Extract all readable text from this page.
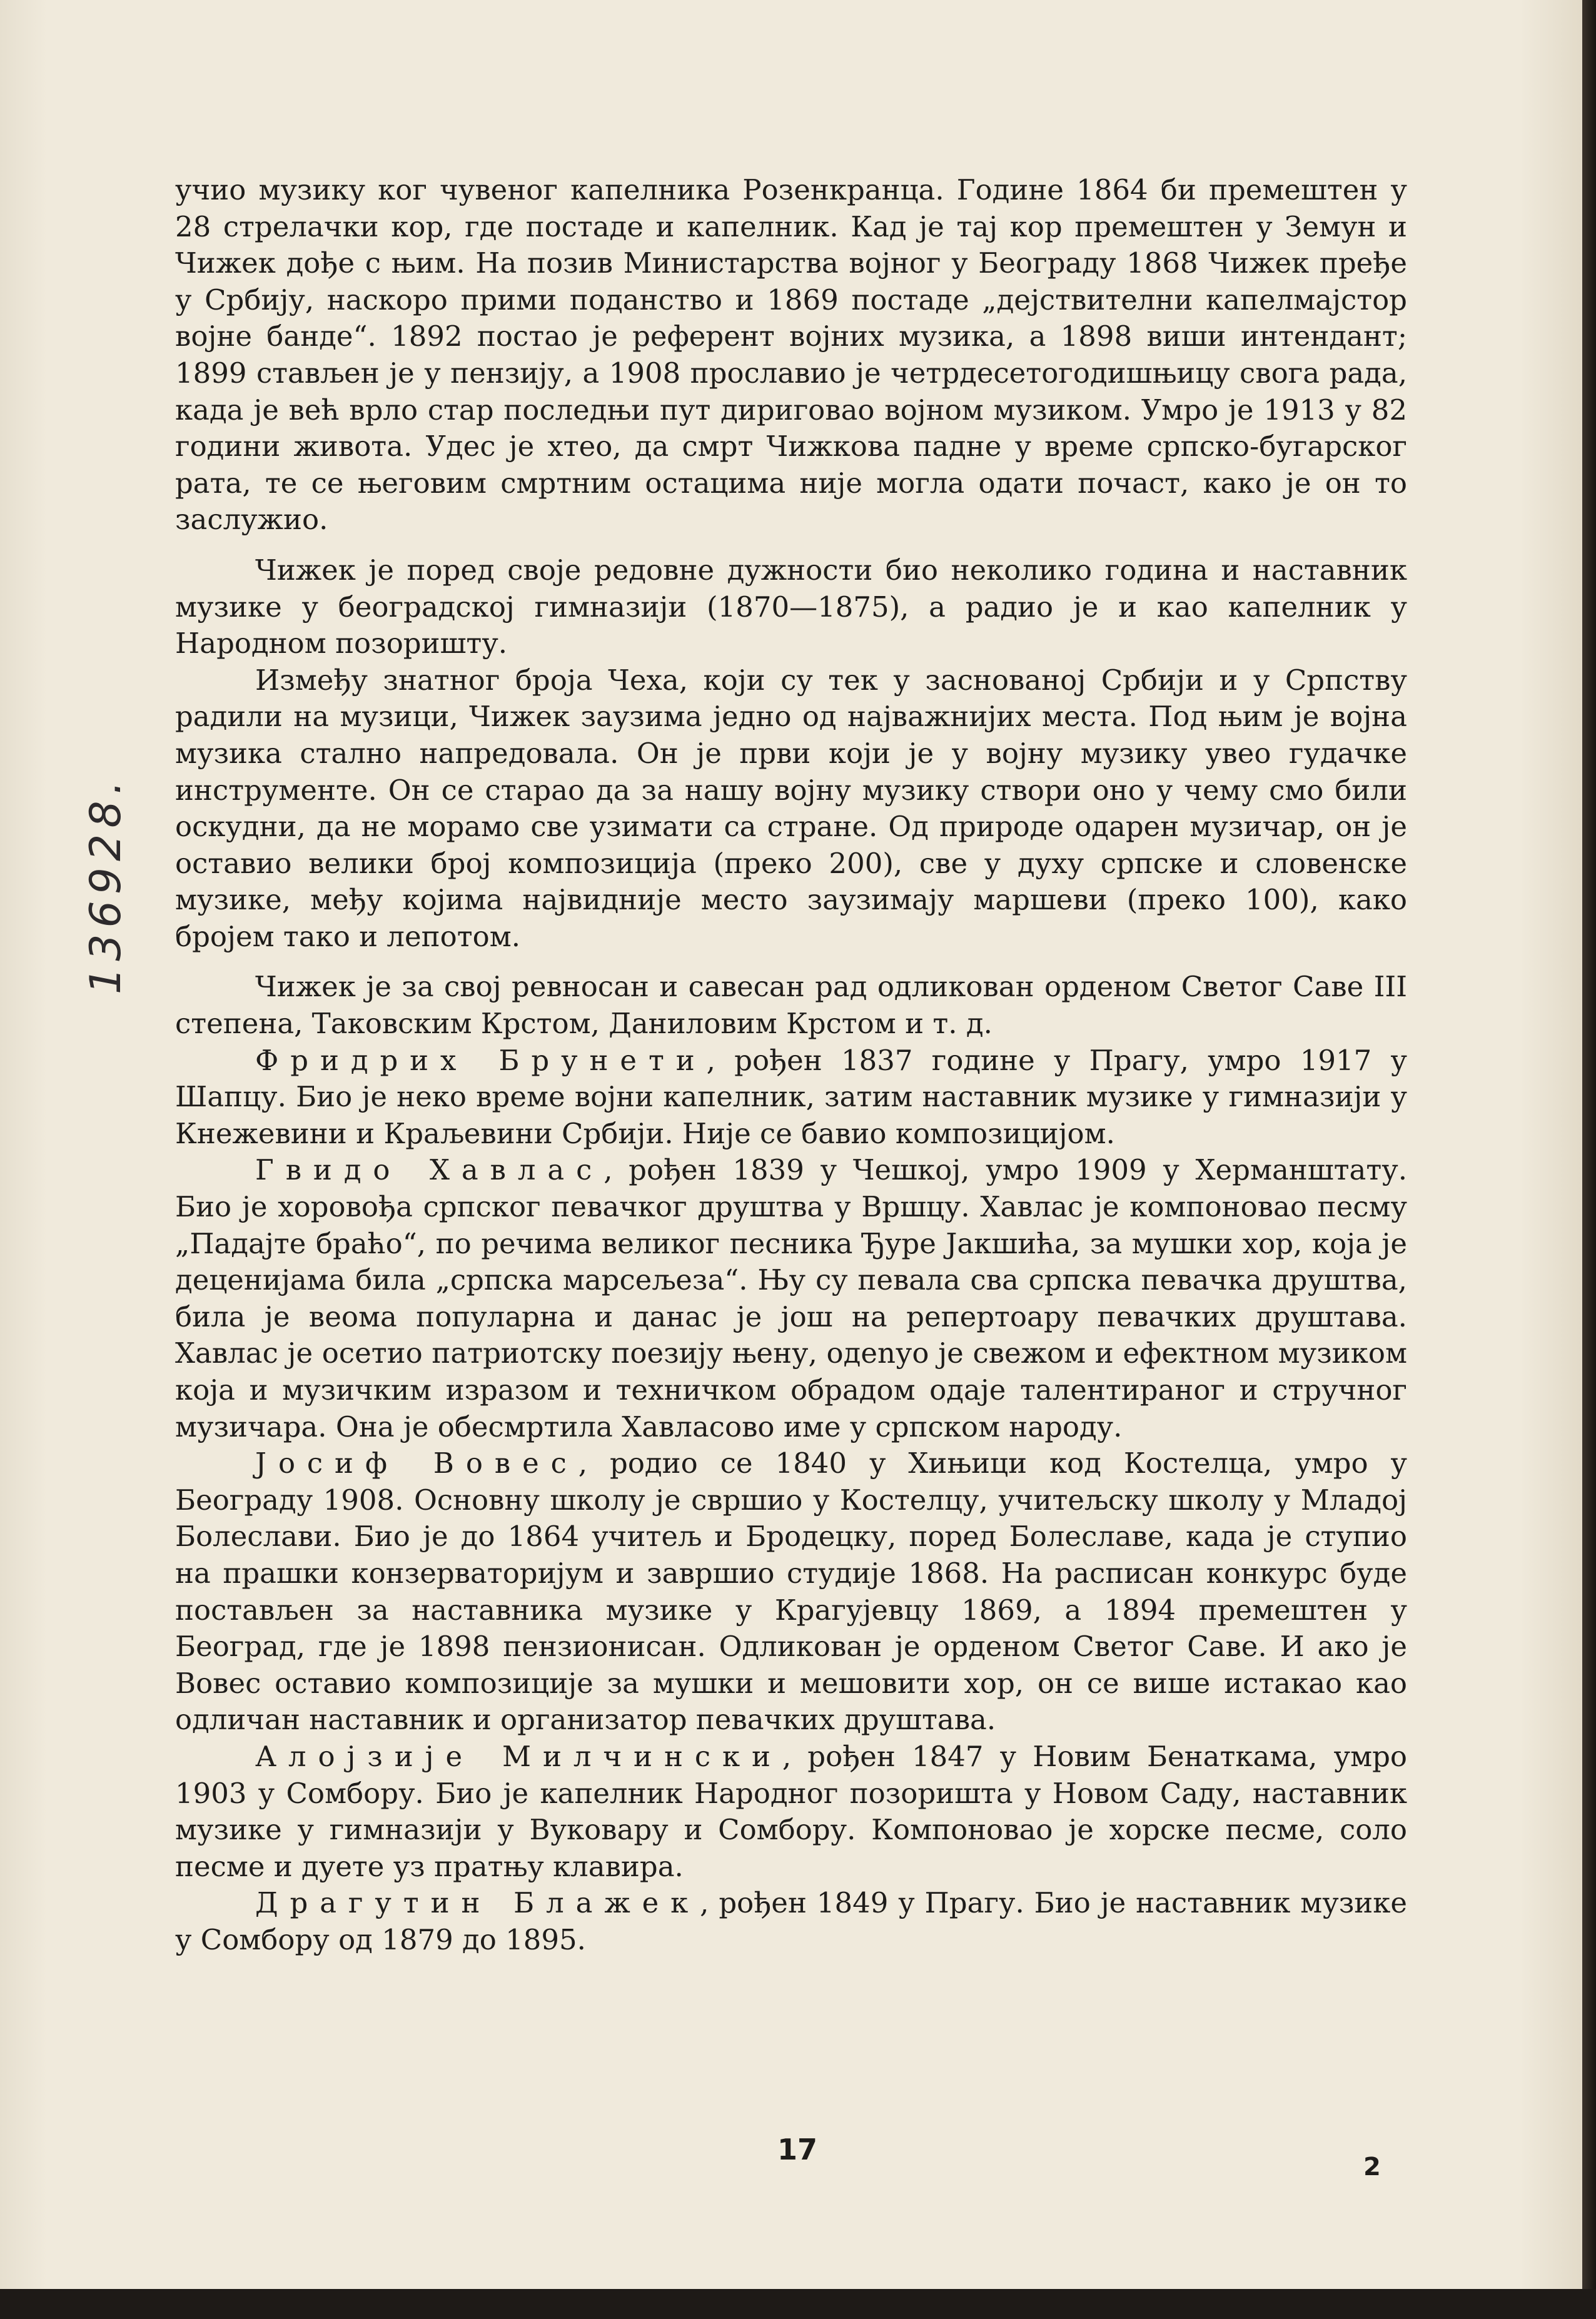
136928.

учио музику ког чувеног капелника Розенкранца. Године 1864 би премештен у 28 стрелачки кор, где постаде и капелник. Кад је тај кор премештен у Земун и Чижек дође с њим. На позив Министарства војног у Београду 1868 Чижек пређе у Србију, наскоро прими поданство и 1869 постаде „дејствителни капелмајстор војне банде“. 1892 постао је референт војних музика, а 1898 виши интендант; 1899 стављен је у пензију, а 1908 прославио је четрдесетогодишњицу свога рада, када је већ врло стар последњи пут дириговао војном музиком. Умро је 1913 у 82 години живота. Удес је хтео, да смрт Чижкова падне у време српско-бугарског рата, те се његовим смртним остацима није могла одати почаст, како је он то заслужио.

Чижек је поред своје редовне дужности био неколико година и наставник музике у београдској гимназији (1870—1875), а радио је и као капелник у Народном позоришту.

Између знатног броја Чеха, који су тек у заснованој Србији и у Српству радили на музици, Чижек заузима једно од најважнијих места. Под њим је војна музика стално напредовала. Он је први који је у војну музику увео гудачке инструменте. Он се старао да за нашу војну музику створи оно у чему смо били оскудни, да не морамо све узимати са стране. Од природе одарен музичар, он је оставио велики број композиција (преко 200), све у духу српске и словенске музике, међу којима највидније место заузимају маршеви (преко 100), како бројем тако и лепотом.

Чижек је за свој ревносан и савесан рад одликован орденом Светог Саве III степена, Таковским Крстом, Даниловим Крстом и т. д.

Фридрих Брунети, рођен 1837 године у Прагу, умро 1917 у Шапцу. Био је неко време војни капелник, затим наставник музике у гимназији у Кнежевини и Краљевини Србији. Није се бавио композицијом.

Гвидо Хавлас, рођен 1839 у Чешкој, умро 1909 у Херманштату. Био је хоровођа српског певачког друштва у Вршцу. Хавлас је компоновао песму „Падајте браћо“, по речима великог песника Ђуре Јакшића, за мушки хор, која је деценијама била „српска марсељеза“. Њу су певала сва српска певачка друштва, била је веома популарна и данас је још на репертоару певачких друштава. Хавлас је осетио патриотску поезију њену, одenуо је свежом и ефектном музиком која и музичким изразом и техничком обрадом одаје талентираног и стручног музичара. Она је обесмртила Хавласово име у српском народу.

Јосиф Вовес, родио се 1840 у Хињици код Костелца, умро у Београду 1908. Основну школу је свршио у Костелцу, учитељску школу у Младој Болеслави. Био је до 1864 учитељ и Бродецку, поред Болеславе, када је ступио на прашки конзерваторијум и завршио студије 1868. На расписан конкурс буде постављен за наставника музике у Крагујевцу 1869, а 1894 премештен у Београд, где је 1898 пензионисан. Одликован је орденом Светог Саве. И ако је Вовес оставио композиције за мушки и мешовити хор, он се више истакао као одличан наставник и организатор певачких друштава.

Алојзије Милчински, рођен 1847 у Новим Бенаткама, умро 1903 у Сомбору. Био је капелник Народног позоришта у Новом Саду, наставник музике у гимназији у Вуковару и Сомбору. Компоновао је хорске песме, соло песме и дуете уз пратњу клавира.

Драгутин Блажек, рођен 1849 у Прагу. Био је наставник музике у Сомбору од 1879 до 1895.

17
2
